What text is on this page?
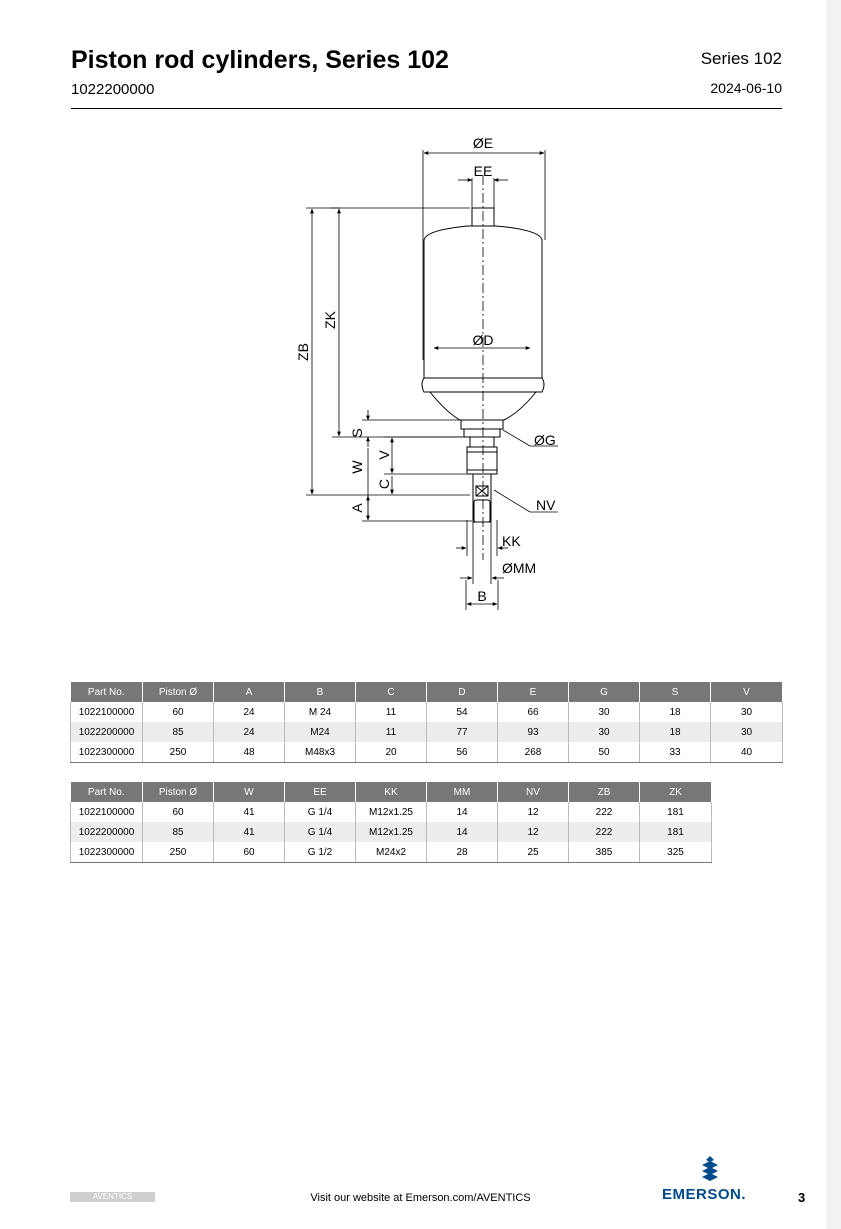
Piston rod cylinders, Series 102
1022200000
Series 102
2024-06-10
ØE
EE
ØD
ZK
ZB
S
W
V
C
A
ØG
NV
KK
ØMM
B
Part No.	Piston Ø	A	B	C	D	E	G	S	V
1022100000	60	24	M 24	11	54	66	30	18	30
1022200000	85	24	M24	11	77	93	30	18	30
1022300000	250	48	M48x3	20	56	268	50	33	40
Part No.	Piston Ø	W	EE	KK	MM	NV	ZB	ZK
1022100000	60	41	G 1/4	M12x1.25	14	12	222	181
1022200000	85	41	G 1/4	M12x1.25	14	12	222	181
1022300000	250	60	G 1/2	M24x2	28	25	385	325
AVENTICS	Visit our website at Emerson.com/AVENTICS	EMERSON.	3
